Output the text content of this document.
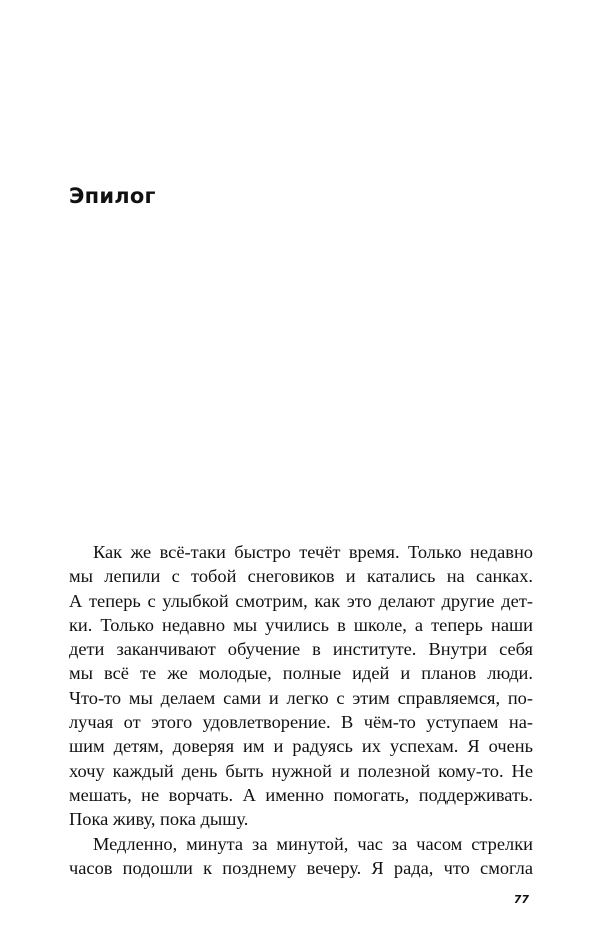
Эпилог

Как же всё-таки быстро течёт время. Только недавно
мы лепили с тобой снеговиков и катались на санках.
А теперь с улыбкой смотрим, как это делают другие дет-
ки. Только недавно мы учились в школе, а теперь наши
дети заканчивают обучение в институте. Внутри себя
мы всё те же молодые, полные идей и планов люди.
Что-то мы делаем сами и легко с этим справляемся, по-
лучая от этого удовлетворение. В чём-то уступаем на-
шим детям, доверяя им и радуясь их успехам. Я очень
хочу каждый день быть нужной и полезной кому-то. Не
мешать, не ворчать. А именно помогать, поддерживать.
Пока живу, пока дышу.

Медленно, минута за минутой, час за часом стрелки
часов подошли к позднему вечеру. Я рада, что смогла

77
